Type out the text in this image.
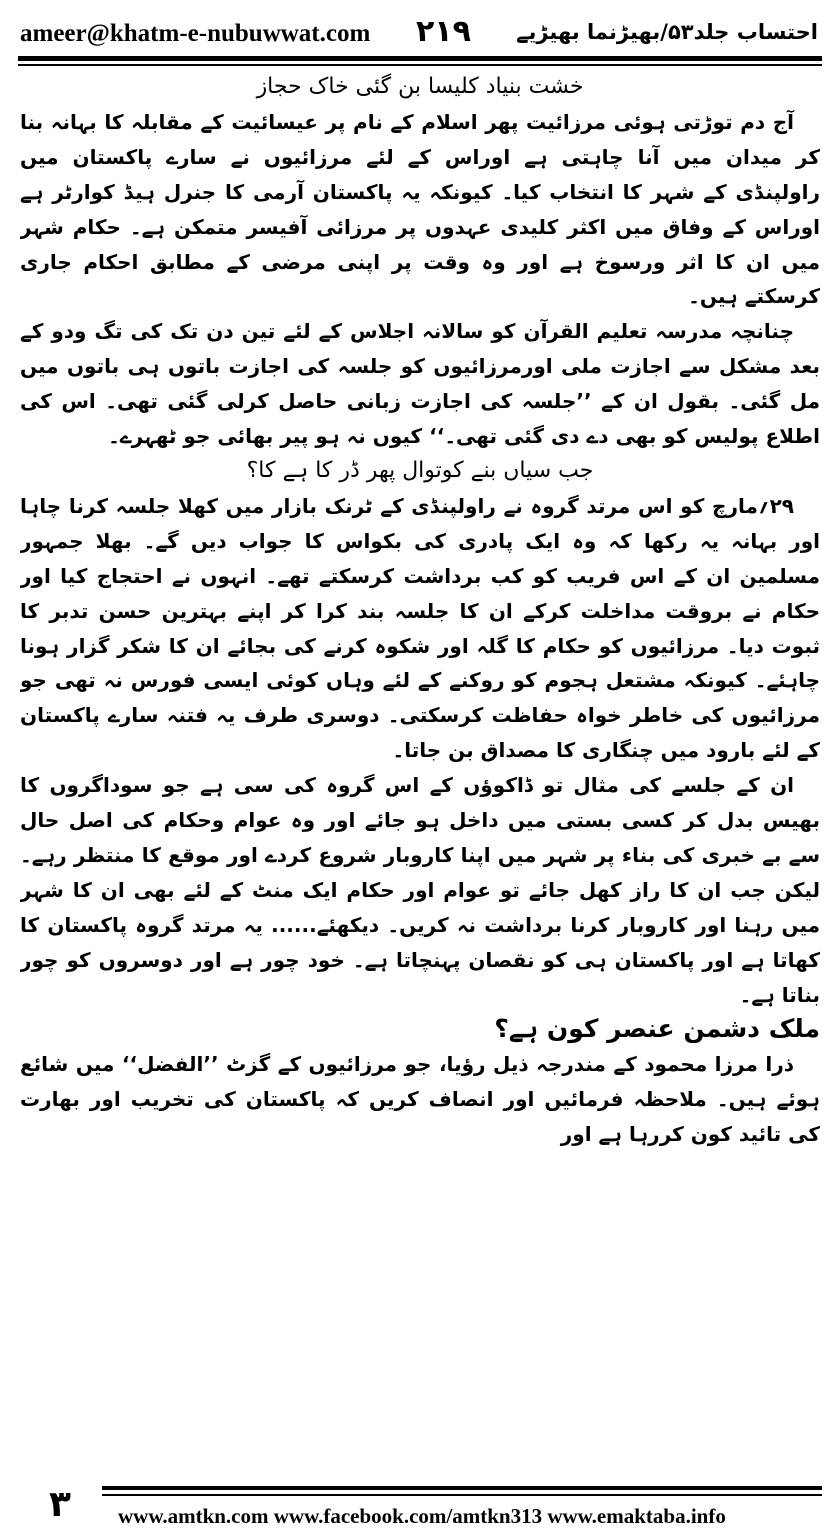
ameer@khatm-e-nubuwwat.com ۲۱۹ احتساب جلد۵۳/بھیڑنما بھیڑیے

خشت بنیاد کلیسا بن گئی خاک حجاز

آج دم توڑتی ہوئی مرزائیت پھر اسلام کے نام پر عیسائیت کے مقابلہ کا بہانہ بنا کر میدان میں آنا چاہتی ہے اوراس کے لئے مرزائیوں نے سارے پاکستان میں راولپنڈی کے شہر کا انتخاب کیا۔ کیونکہ یہ پاکستان آرمی کا جنرل ہیڈ کوارٹر ہے اوراس کے وفاق میں اکثر کلیدی عہدوں پر مرزائی آفیسر متمکن ہے۔ حکام شہر میں ان کا اثر ورسوخ ہے اور وہ وقت پر اپنی مرضی کے مطابق احکام جاری کرسکتے ہیں۔

چنانچہ مدرسہ تعلیم القرآن کو سالانہ اجلاس کے لئے تین دن تک کی تگ ودو کے بعد مشکل سے اجازت ملی اورمرزائیوں کو جلسہ کی اجازت باتوں ہی باتوں میں مل گئی۔ بقول ان کے ’’جلسہ کی اجازت زبانی حاصل کرلی گئی تھی۔ اس کی اطلاع پولیس کو بھی دے دی گئی تھی۔‘‘ کیوں نہ ہو پیر بھائی جو ٹھہرے۔

جب سیاں بنے کوتوال پھر ڈر کا ہے کا؟

۲۹؍مارچ کو اس مرتد گروہ نے راولپنڈی کے ٹرنک بازار میں کھلا جلسہ کرنا چاہا اور بہانہ یہ رکھا کہ وہ ایک پادری کی بکواس کا جواب دیں گے۔ بھلا جمہور مسلمین ان کے اس فریب کو کب برداشت کرسکتے تھے۔ انہوں نے احتجاج کیا اور حکام نے بروقت مداخلت کرکے ان کا جلسہ بند کرا کر اپنے بہترین حسن تدبر کا ثبوت دیا۔ مرزائیوں کو حکام کا گلہ اور شکوہ کرنے کی بجائے ان کا شکر گزار ہونا چاہئے۔ کیونکہ مشتعل ہجوم کو روکنے کے لئے وہاں کوئی ایسی فورس نہ تھی جو مرزائیوں کی خاطر خواہ حفاظت کرسکتی۔ دوسری طرف یہ فتنہ سارے پاکستان کے لئے بارود میں چنگاری کا مصداق بن جاتا۔

ان کے جلسے کی مثال تو ڈاکوؤں کے اس گروہ کی سی ہے جو سوداگروں کا بھیس بدل کر کسی بستی میں داخل ہو جائے اور وہ عوام وحکام کی اصل حال سے بے خبری کی بناء پر شہر میں اپنا کاروبار شروع کردے اور موقع کا منتظر رہے۔ لیکن جب ان کا راز کھل جائے تو عوام اور حکام ایک منٹ کے لئے بھی ان کا شہر میں رہنا اور کاروبار کرنا برداشت نہ کریں۔ دیکھئے...... یہ مرتد گروہ پاکستان کا کھاتا ہے اور پاکستان ہی کو نقصان پہنچاتا ہے۔ خود چور ہے اور دوسروں کو چور بناتا ہے۔

ملک دشمن عنصر کون ہے؟

ذرا مرزا محمود کے مندرجہ ذیل رؤیا، جو مرزائیوں کے گزٹ ’’الفضل‘‘ میں شائع ہوئے ہیں۔ ملاحظہ فرمائیں اور انصاف کریں کہ پاکستان کی تخریب اور بھارت کی تائید کون کررہا ہے اور

۳	www.amtkn.com www.facebook.com/amtkn313 www.emaktaba.info
